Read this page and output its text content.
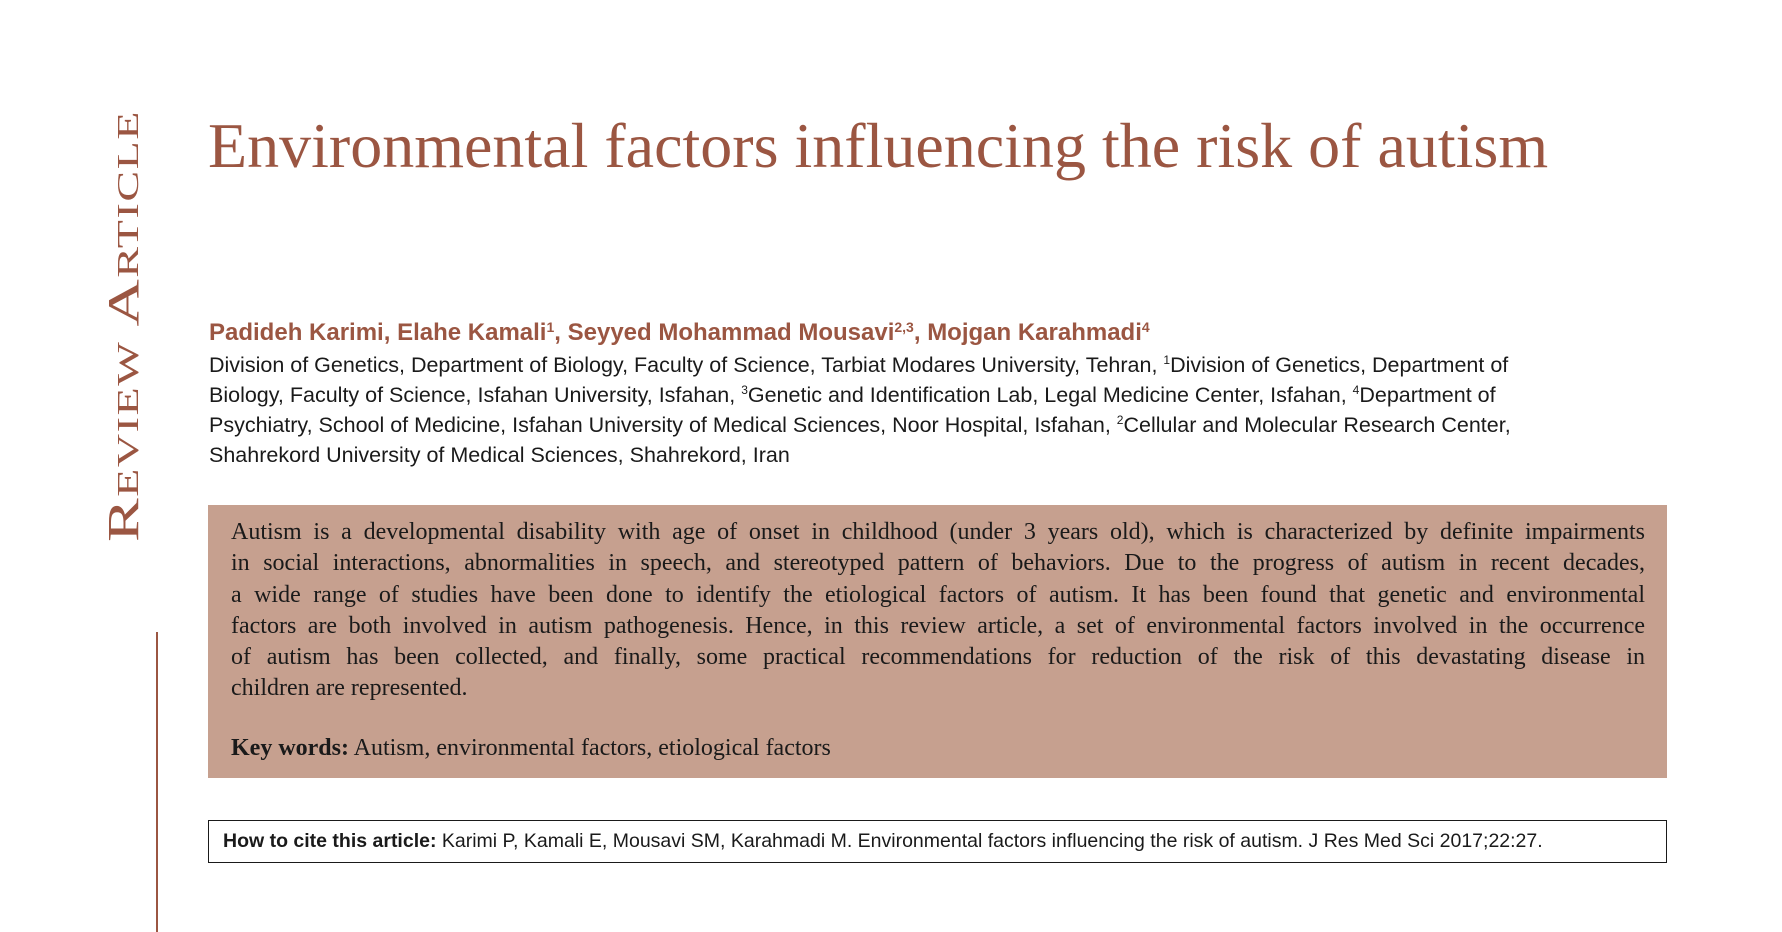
Review Article
Environmental factors influencing the risk of autism

Padideh Karimi, Elahe Kamali$^1$, Seyyed Mohammad Mousavi$^{2,3}$, Mojgan Karahmadi$^4$

Division of Genetics, Department of Biology, Faculty of Science, Tarbiat Modares University, Tehran, $^1$Division of Genetics, Department of
Biology, Faculty of Science, Isfahan University, Isfahan, $^3$Genetic and Identification Lab, Legal Medicine Center, Isfahan, $^4$Department of
Psychiatry, School of Medicine, Isfahan University of Medical Sciences, Noor Hospital, Isfahan, $^2$Cellular and Molecular Research Center,
Shahrekord University of Medical Sciences, Shahrekord, Iran
Autism is a developmental disability with age of onset in childhood (under 3 years old), which is characterized by definite impairments
in social interactions, abnormalities in speech, and stereotyped pattern of behaviors. Due to the progress of autism in recent decades,
a wide range of studies have been done to identify the etiological factors of autism. It has been found that genetic and environmental
factors are both involved in autism pathogenesis. Hence, in this review article, a set of environmental factors involved in the occurrence
of autism has been collected, and finally, some practical recommendations for reduction of the risk of this devastating disease in
children are represented.
Key words: Autism, environmental factors, etiological factors
How to cite this article: Karimi P, Kamali E, Mousavi SM, Karahmadi M. Environmental factors influencing the risk of autism. J Res Med Sci 2017;22:27.
